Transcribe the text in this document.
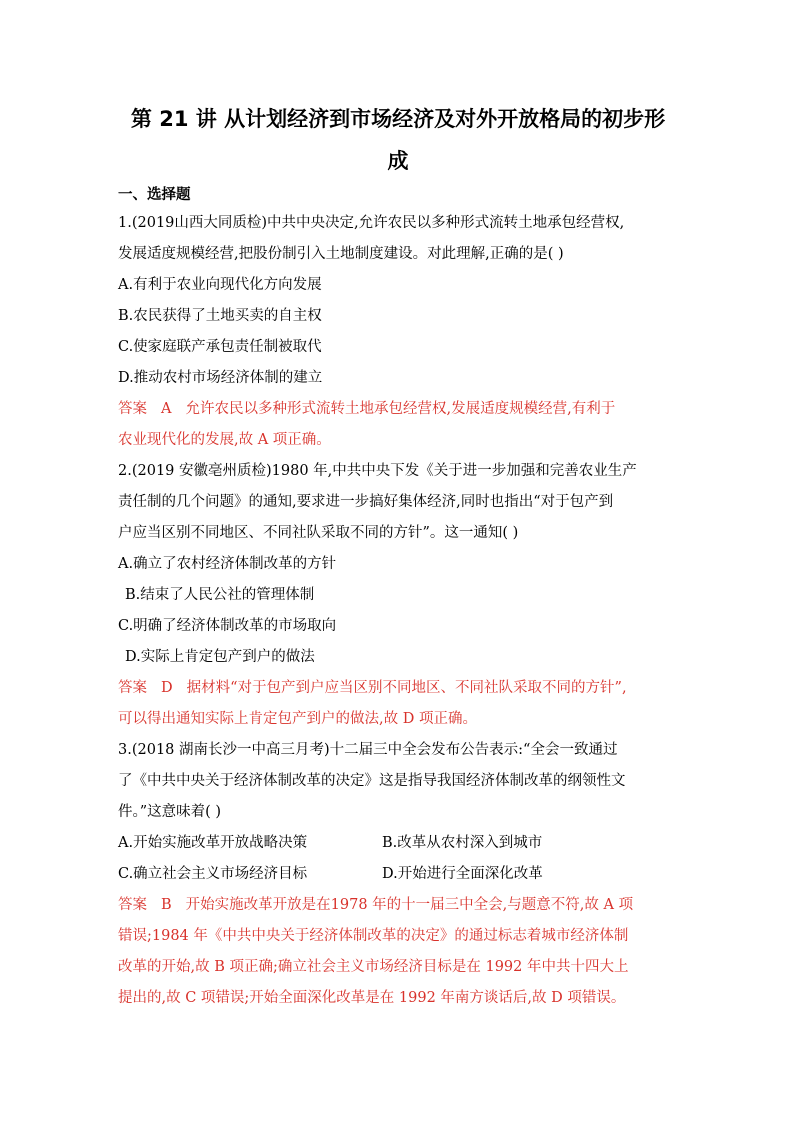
第 21 讲 从计划经济到市场经济及对外开放格局的初步形
成
一、选择题
1.(2019山西大同质检)中共中央决定,允许农民以多种形式流转土地承包经营权,
发展适度规模经营,把股份制引入土地制度建设。对此理解,正确的是( )
A.有利于农业向现代化方向发展
B.农民获得了土地买卖的自主权
C.使家庭联产承包责任制被取代
D.推动农村市场经济体制的建立
答案 A 允许农民以多种形式流转土地承包经营权,发展适度规模经营,有利于
农业现代化的发展,故 A 项正确。
2.(2019 安徽亳州质检)1980 年,中共中央下发《关于进一步加强和完善农业生产
责任制的几个问题》的通知,要求进一步搞好集体经济,同时也指出“对于包产到
户应当区别不同地区、不同社队采取不同的方针”。这一通知( )
A.确立了农村经济体制改革的方针
B.结束了人民公社的管理体制
C.明确了经济体制改革的市场取向
D.实际上肯定包产到户的做法
答案 D 据材料“对于包产到户应当区别不同地区、不同社队采取不同的方针”,
可以得出通知实际上肯定包产到户的做法,故 D 项正确。
3.(2018 湖南长沙一中高三月考)十二届三中全会发布公告表示:“全会一致通过
了《中共中央关于经济体制改革的决定》这是指导我国经济体制改革的纲领性文
件。”这意味着( )
A.开始实施改革开放战略决策	B.改革从农村深入到城市
C.确立社会主义市场经济目标	D.开始进行全面深化改革
答案 B 开始实施改革开放是在1978 年的十一届三中全会,与题意不符,故 A 项
错误;1984 年《中共中央关于经济体制改革的决定》的通过标志着城市经济体制
改革的开始,故 B 项正确;确立社会主义市场经济目标是在 1992 年中共十四大上
提出的,故 C 项错误;开始全面深化改革是在 1992 年南方谈话后,故 D 项错误。
